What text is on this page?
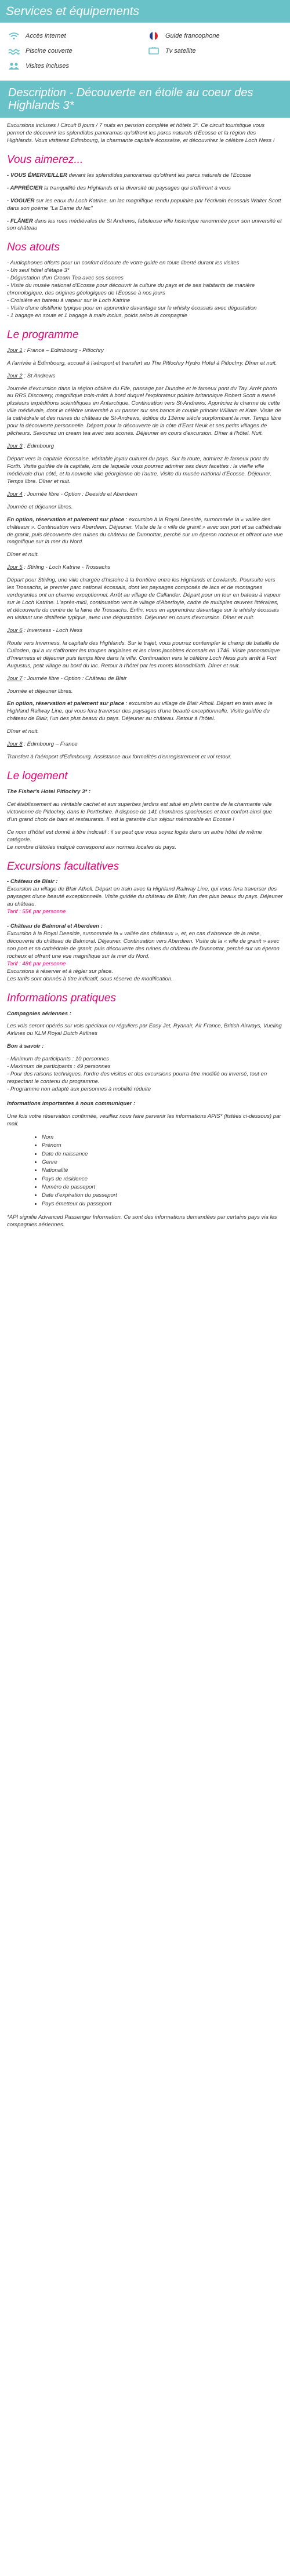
Services et équipements
Accès internet	Guide francophone
Piscine couverte	Tv satellite
Visites incluses
Description - Découverte en étoile au coeur des Highlands 3*

Excursions incluses ! Circuit 8 jours / 7 nuits en pension complète et hôtels 3*. Ce circuit touristique vous permet de découvrir les splendides panoramas qu'offrent les parcs naturels d'Ecosse et la région des Highlands. Vous visiterez Edimbourg, la charmante capitale écossaise, et découvrirez le célèbre Loch Ness !

Vous aimerez...

- VOUS ÉMERVEILLER devant les splendides panoramas qu'offrent les parcs naturels de l'Ecosse

- APPRÉCIER la tranquillité des Highlands et la diversité de paysages qui s'offriront à vous

- VOGUER sur les eaux du Loch Katrine, un lac magnifique rendu populaire par l'écrivain écossais Walter Scott dans son poème "La Dame du lac"

- FLÂNER dans les rues médiévales de St Andrews, fabuleuse ville historique renommée pour son université et son château

Nos atouts

- Audiophones offerts pour un confort d'écoute de votre guide en toute liberté durant les visites

- Un seul hôtel d'étape 3*

- Dégustation d'un Cream Tea avec ses scones

- Visite du musée national d'Ecosse pour découvrir la culture du pays et de ses habitants de manière chronologique, des origines géologiques de l'Ecosse à nos jours

- Croisière en bateau à vapeur sur le Loch Katrine

- Visite d'une distillerie typique pour en apprendre davantage sur le whisky écossais avec dégustation

- 1 bagage en soute et 1 bagage à main inclus, poids selon la compagnie

Le programme

Jour 1 : France – Edimbourg - Pitlochry

A l'arrivée à Edimbourg, accueil à l'aéroport et transfert au The Pitlochry Hydro Hotel à Pitlochry. Dîner et nuit.

Jour 2 : St Andrews

Journée d'excursion dans la région côtière du Fife, passage par Dundee et le fameux pont du Tay. Arrêt photo au RRS Discovery, magnifique trois-mâts à bord duquel l'explorateur polaire britannique Robert Scott a mené plusieurs expéditions scientifiques en Antarctique. Continuation vers St-Andrews. Appréciez le charme de cette ville médiévale, dont le célèbre université a vu passer sur ses bancs le couple princier William et Kate. Visite de la cathédrale et des ruines du château de St-Andrews, édifice du 13ème siècle surplombant la mer. Temps libre pour la découverte personnelle. Départ pour la découverte de la côte d'East Neuk et ses petits villages de pêcheurs. Savourez un cream tea avec ses scones. Déjeuner en cours d'excursion. Dîner à l'hôtel. Nuit.

Jour 3 : Edimbourg

Départ vers la capitale écossaise, véritable joyau culturel du pays. Sur la route, admirez le fameux pont du Forth. Visite guidée de la capitale, lors de laquelle vous pourrez admirer ses deux facettes : la vieille ville médiévale d'un côté, et la nouvelle ville géorgienne de l'autre. Visite du musée national d'Ecosse. Déjeuner. Temps libre. Dîner et nuit.

Jour 4 : Journée libre - Option : Deeside et Aberdeen

Journée et déjeuner libres.

En option, réservation et paiement sur place : excursion à la Royal Deeside, surnommée la « vallée des châteaux ». Continuation vers Aberdeen. Déjeuner. Visite de la « ville de granit » avec son port et sa cathédrale de granit, puis découverte des ruines du château de Dunnottar, perché sur un éperon rocheux et offrant une vue magnifique sur la mer du Nord.

Dîner et nuit.

Jour 5 : Stirling - Loch Katrine - Trossachs

Départ pour Stirling, une ville chargée d'histoire à la frontière entre les Highlands et Lowlands. Poursuite vers les Trossachs, le premier parc national écossais, dont les paysages composés de lacs et de montagnes verdoyantes ont un charme exceptionnel. Arrêt au village de Callander. Départ pour un tour en bateau à vapeur sur le Loch Katrine. L'après-midi, continuation vers le village d'Aberfoyle, cadre de multiples œuvres littéraires, et découverte du centre de la laine de Trossachs. Enfin, vous en apprendrez davantage sur le whisky écossais en visitant une distillerie typique, avec une dégustation. Déjeuner en cours d'excursion. Dîner et nuit.

Jour 6 : Inverness - Loch Ness

Route vers Inverness, la capitale des Highlands. Sur le trajet, vous pourrez contempler le champ de bataille de Culloden, qui a vu s'affronter les troupes anglaises et les clans jacobites écossais en 1746. Visite panoramique d'Inverness et déjeuner puis temps libre dans la ville. Continuation vers le célèbre Loch Ness puis arrêt à Fort Augustus, petit village au bord du lac. Retour à l'hôtel par les monts Monadhliath. Dîner et nuit.

Jour 7 : Journée libre - Option : Château de Blair

Journée et déjeuner libres.

En option, réservation et paiement sur place : excursion au village de Blair Atholl. Départ en train avec le Highland Railway Line, qui vous fera traverser des paysages d'une beauté exceptionnelle. Visite guidée du château de Blair, l'un des plus beaux du pays. Déjeuner au château. Retour à l'hôtel.

Dîner et nuit.

Jour 8 : Edimbourg – France

Transfert à l'aéroport d'Edimbourg. Assistance aux formalités d'enregistrement et vol retour.

Le logement

The Fisher's Hotel Pitlochry 3* :

Cet établissement au véritable cachet et aux superbes jardins est situé en plein centre de la charmante ville victorienne de Pitlochry, dans le Perthshire. Il dispose de 141 chambres spacieuses et tout confort ainsi que d'un grand choix de bars et restaurants. Il est la garantie d'un séjour mémorable en Ecosse !

Ce nom d'hôtel est donné à titre indicatif : il se peut que vous soyez logés dans un autre hôtel de même catégorie.
Le nombre d'étoiles indiqué correspond aux normes locales du pays.

Excursions facultatives

- Château de Blair :

Excursion au village de Blair Atholl. Départ en train avec la Highland Railway Line, qui vous fera traverser des paysages d'une beauté exceptionnelle. Visite guidée du château de Blair, l'un des plus beaux du pays. Déjeuner au château.

Tarif : 55€ par personne

- Château de Balmoral et Aberdeen :

Excursion à la Royal Deeside, surnommée la « vallée des châteaux », et, en cas d'absence de la reine, découverte du château de Balmoral. Déjeuner. Continuation vers Aberdeen. Visite de la « ville de granit » avec son port et sa cathédrale de granit, puis découverte des ruines du château de Dunnottar, perché sur un éperon rocheux et offrant une vue magnifique sur la mer du Nord.

Tarif : 48€ par personne

Excursions à réserver et à régler sur place.
Les tarifs sont donnés à titre indicatif, sous réserve de modification.

Informations pratiques

Compagnies aériennes :

Les vols seront opérés sur vols spéciaux ou réguliers par Easy Jet, Ryanair, Air France, British Airways, Vueling Airlines ou KLM Royal Dutch Airlines

Bon à savoir :

- Minimum de participants : 10 personnes

- Maximum de participants : 49 personnes

- Pour des raisons techniques, l'ordre des visites et des excursions pourra être modifié ou inversé, tout en respectant le contenu du programme.

- Programme non adapté aux personnes à mobilité réduite

Informations importantes à nous communiquer :

Une fois votre réservation confirmée, veuillez nous faire parvenir les informations APIS* (listées ci-dessous) par mail.

• Nom
• Prénom
• Date de naissance
• Genre
• Nationalité
• Pays de résidence
• Numéro de passeport
• Date d'expiration du passeport
• Pays émetteur du passeport

*API signifie Advanced Passenger Information. Ce sont des informations demandées par certains pays via les compagnies aériennes.
